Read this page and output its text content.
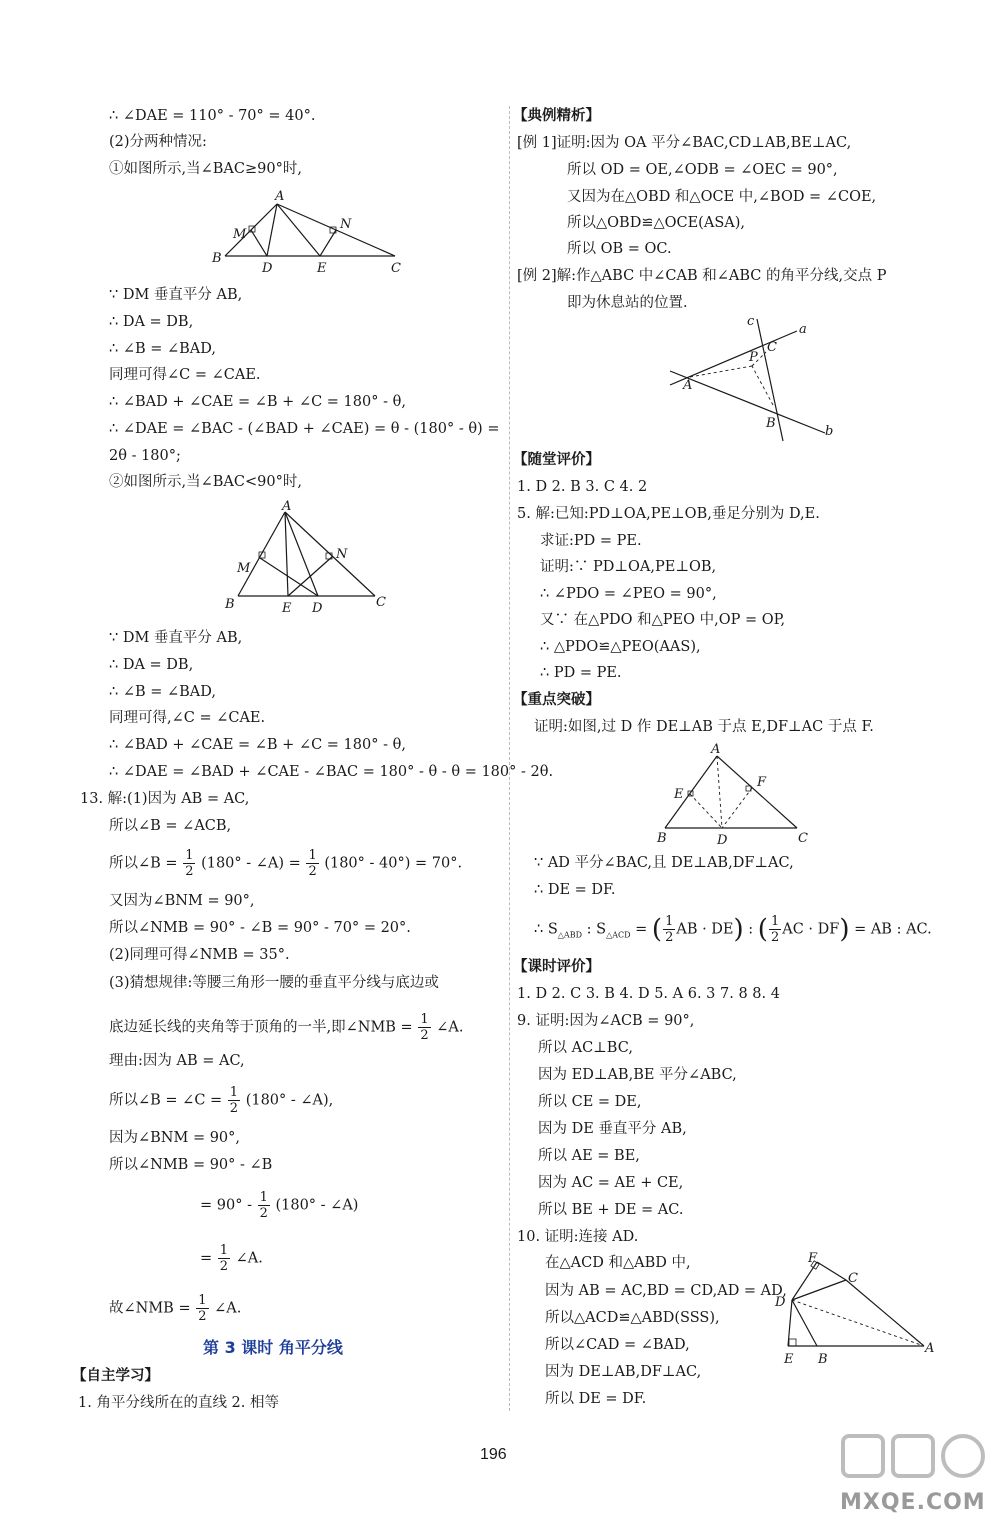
∴ ∠DAE = 110° - 70° = 40°.
(2)分两种情况:
①如图所示,当∠BAC≥90°时,
A
B
C
D	E
M
N
∵ DM 垂直平分 AB,
∴ DA = DB,
∴ ∠B = ∠BAD,
同理可得∠C = ∠CAE.
∴ ∠BAD + ∠CAE = ∠B + ∠C = 180° - θ,
∴ ∠DAE = ∠BAC - (∠BAD + ∠CAE) = θ - (180° - θ) =
2θ - 180°;
②如图所示,当∠BAC<90°时,
A
B	C
D
E
M
N
∵ DM 垂直平分 AB,
∴ DA = DB,
∴ ∠B = ∠BAD,
同理可得,∠C = ∠CAE.
∴ ∠BAD + ∠CAE = ∠B + ∠C = 180° - θ,
∴ ∠DAE = ∠BAD + ∠CAE - ∠BAC = 180° - θ - θ = 180° - 2θ.
13. 解:(1)因为 AB = AC,
所以∠B = ∠ACB,
所以∠B = $\frac{1}{2} (180^\circ$ - ∠A) = $\frac{1}{2} (180^\circ - 40^\circ) = 70^\circ$.
又因为∠BNM = 90°,
所以∠NMB = 90° - ∠B = 90° - 70° = 20°.
(2)同理可得∠NMB = 35°.
(3)猜想规律:等腰三角形一腰的垂直平分线与底边或
底边延长线的夹角等于顶角的一半,即∠NMB = $\frac{1}{2}$ ∠A.
理由:因为 AB = AC,
所以∠B = ∠C = $\frac{1}{2} (180^\circ$ - ∠A),
因为∠BNM = 90°,
所以∠NMB = 90° - ∠B
= $90^\circ - \frac{1}{2} (180^\circ$ - ∠A)
= $\frac{1}{2}$ ∠A.
故∠NMB = $\frac{1}{2}$ ∠A.
第 3 课时 角平分线
【自主学习】
1. 角平分线所在的直线 2. 相等
【典例精析】
[例 1]证明:因为 OA 平分∠BAC,CD⊥AB,BE⊥AC,
所以 OD = OE,∠ODB = ∠OEC = 90°,
又因为在△OBD 和△OCE 中,∠BOD = ∠COE,
所以△OBD≌△OCE(ASA),
所以 OB = OC.
[例 2]解:作△ABC 中∠CAB 和∠ABC 的角平分线,交点 P
即为休息站的位置.
a
b
c
A
B
C
P
【随堂评价】
1. D 2. B 3. C 4. 2
5. 解:已知:PD⊥OA,PE⊥OB,垂足分别为 D,E.
求证:PD = PE.
证明:∵ PD⊥OA,PE⊥OB,
∴ ∠PDO = ∠PEO = 90°,
又∵ 在△PDO 和△PEO 中,OP = OP,
∴ △PDO≌△PEO(AAS),
∴ PD = PE.
【重点突破】
证明:如图,过 D 作 DE⊥AB 于点 E,DF⊥AC 于点 F.
A
B	C
D
E
F
∵ AD 平分∠BAC,且 DE⊥AB,DF⊥AC,
∴ DE = DF.
∴ $S_{\triangle ABD}$ : $S_{\triangle ACD}$ = ( $\frac{1}{2}$ AB · DE) : ( $\frac{1}{2}$ AC · DF) = AB : AC.
【课时评价】
1. D 2. C 3. B 4. D 5. A 6. 3 7. 8 8. 4
9. 证明:因为∠ACB = 90°,
所以 AC⊥BC,
因为 ED⊥AB,BE 平分∠ABC,
所以 CE = DE,
因为 DE 垂直平分 AB,
所以 AE = BE,
因为 AC = AE + CE,
所以 BE + DE = AC.
10. 证明:连接 AD.
在△ACD 和△ABD 中,
因为 AB = AC,BD = CD,AD = AD,
所以△ACD≌△ABD(SSS),
所以∠CAD = ∠BAD,
因为 DE⊥AB,DF⊥AC,
所以 DE = DF.
F
C
D
E B
A
196
MXQE.COM
